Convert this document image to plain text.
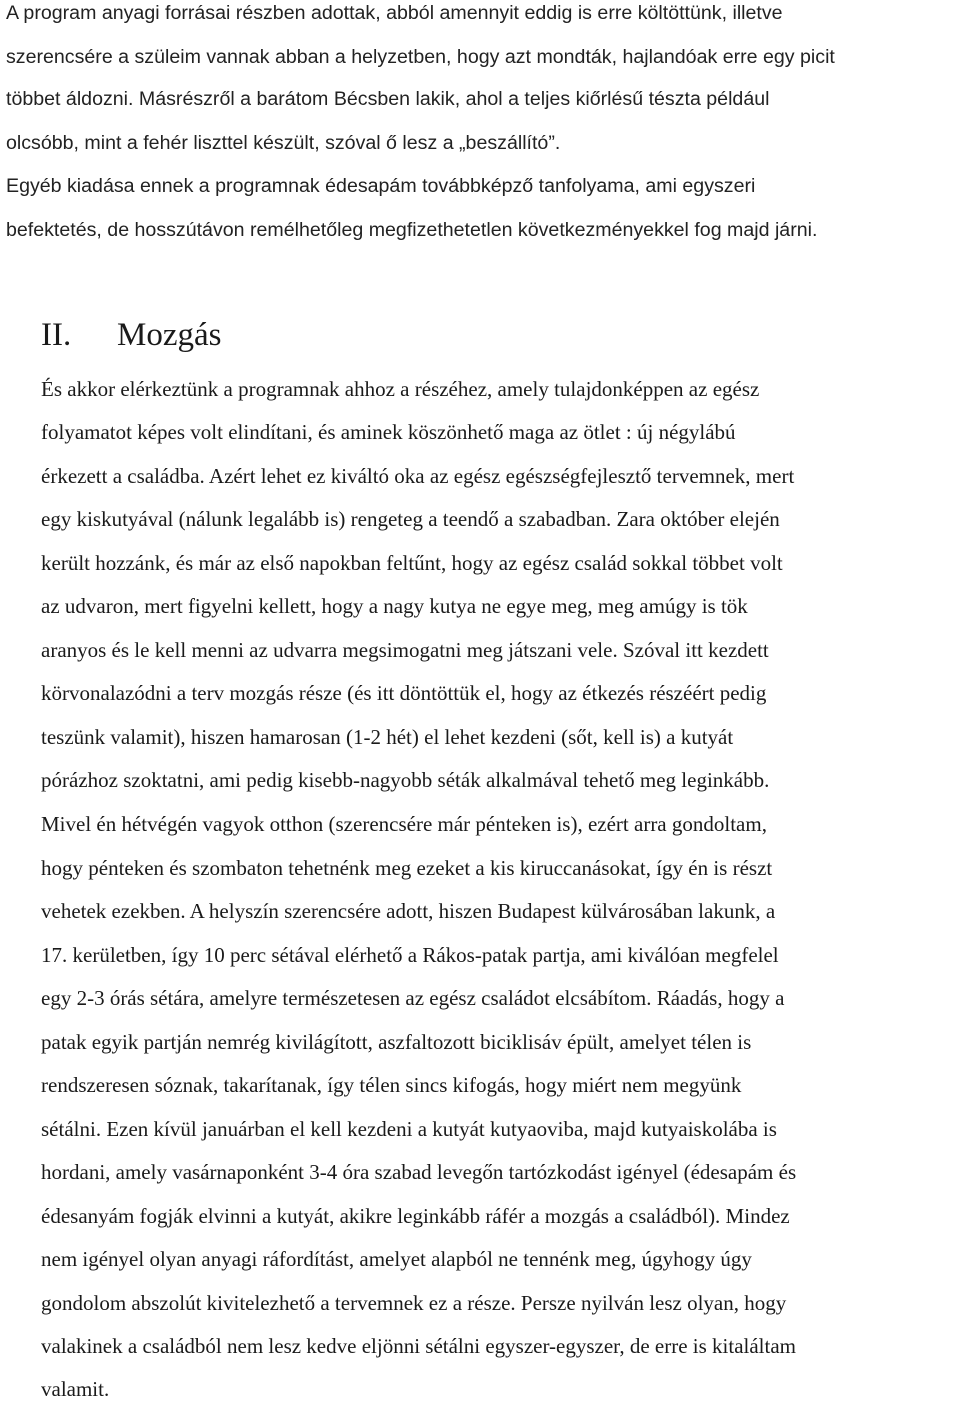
A program anyagi forrásai részben adottak, abból amennyit eddig is erre költöttünk, illetve

szerencsére a szüleim vannak abban a helyzetben, hogy azt mondták, hajlandóak erre egy picit

többet áldozni. Másrészről a barátom Bécsben lakik, ahol a teljes kiőrlésű tészta például

olcsóbb, mint a fehér liszttel készült, szóval ő lesz a „beszállító”.

Egyéb kiadása ennek a programnak édesapám továbbképző tanfolyama, ami egyszeri

befektetés, de hosszútávon remélhetőleg megfizethetetlen következményekkel fog majd járni.

II. Mozgás

És akkor elérkeztünk a programnak ahhoz a részéhez, amely tulajdonképpen az egész

folyamatot képes volt elindítani, és aminek köszönhető maga az ötlet : új négylábú

érkezett a családba. Azért lehet ez kiváltó oka az egész egészségfejlesztő tervemnek, mert

egy kiskutyával (nálunk legalább is) rengeteg a teendő a szabadban. Zara október elején

került hozzánk, és már az első napokban feltűnt, hogy az egész család sokkal többet volt

az udvaron, mert figyelni kellett, hogy a nagy kutya ne egye meg, meg amúgy is tök

aranyos és le kell menni az udvarra megsimogatni meg játszani vele. Szóval itt kezdett

körvonalazódni a terv mozgás része (és itt döntöttük el, hogy az étkezés részéért pedig

teszünk valamit), hiszen hamarosan (1-2 hét) el lehet kezdeni (sőt, kell is) a kutyát

pórázhoz szoktatni, ami pedig kisebb-nagyobb séták alkalmával tehető meg leginkább.

Mivel én hétvégén vagyok otthon (szerencsére már pénteken is), ezért arra gondoltam,

hogy pénteken és szombaton tehetnénk meg ezeket a kis kiruccanásokat, így én is részt

vehetek ezekben. A helyszín szerencsére adott, hiszen Budapest külvárosában lakunk, a

17. kerületben, így 10 perc sétával elérhető a Rákos-patak partja, ami kiválóan megfelel

egy 2-3 órás sétára, amelyre természetesen az egész családot elcsábítom. Ráadás, hogy a

patak egyik partján nemrég kivilágított, aszfaltozott biciklisáv épült, amelyet télen is

rendszeresen sóznak, takarítanak, így télen sincs kifogás, hogy miért nem megyünk

sétálni. Ezen kívül januárban el kell kezdeni a kutyát kutyaoviba, majd kutyaiskolába is

hordani, amely vasárnaponként 3-4 óra szabad levegőn tartózkodást igényel (édesapám és

édesanyám fogják elvinni a kutyát, akikre leginkább ráfér a mozgás a családból). Mindez

nem igényel olyan anyagi ráfordítást, amelyet alapból ne tennénk meg, úgyhogy úgy

gondolom abszolút kivitelezhető a tervemnek ez a része. Persze nyilván lesz olyan, hogy

valakinek a családból nem lesz kedve eljönni sétálni egyszer-egyszer, de erre is kitaláltam

valamit.
